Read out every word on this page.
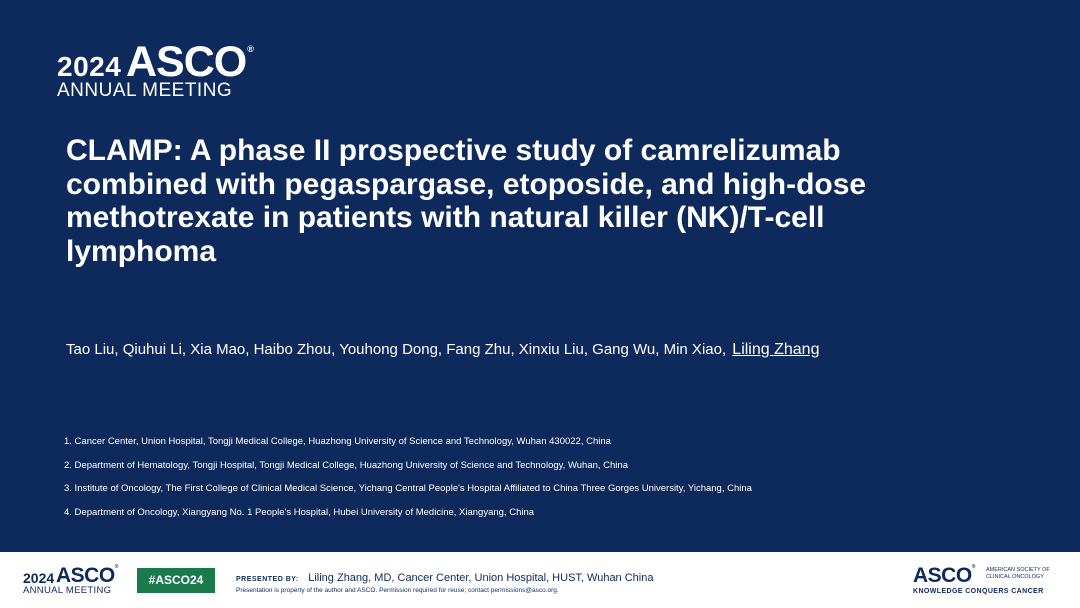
2024 ASCO®
ANNUAL MEETING
CLAMP: A phase II prospective study of camrelizumab combined with pegaspargase, etoposide, and high-dose methotrexate in patients with natural killer (NK)/T-cell lymphoma
Tao Liu, Qiuhui Li, Xia Mao, Haibo Zhou, Youhong Dong, Fang Zhu, Xinxiu Liu, Gang Wu, Min Xiao, Liling Zhang
1. Cancer Center, Union Hospital, Tongji Medical College, Huazhong University of Science and Technology, Wuhan 430022, China
2. Department of Hematology, Tongji Hospital, Tongji Medical College, Huazhong University of Science and Technology, Wuhan, China
3. Institute of Oncology, The First College of Clinical Medical Science, Yichang Central People's Hospital Affiliated to China Three Gorges University, Yichang, China
4. Department of Oncology, Xiangyang No. 1 People's Hospital, Hubei University of Medicine, Xiangyang, China
2024 ASCO®
ANNUAL MEETING
#ASCO24	PRESENTED BY: Liling Zhang, MD, Cancer Center, Union Hospital, HUST, Wuhan China
Presentation is property of the author and ASCO. Permission required for reuse; contact permissions@asco.org.
ASCO® AMERICAN SOCIETY OF
CLINICAL ONCOLOGY
KNOWLEDGE CONQUERS CANCER
